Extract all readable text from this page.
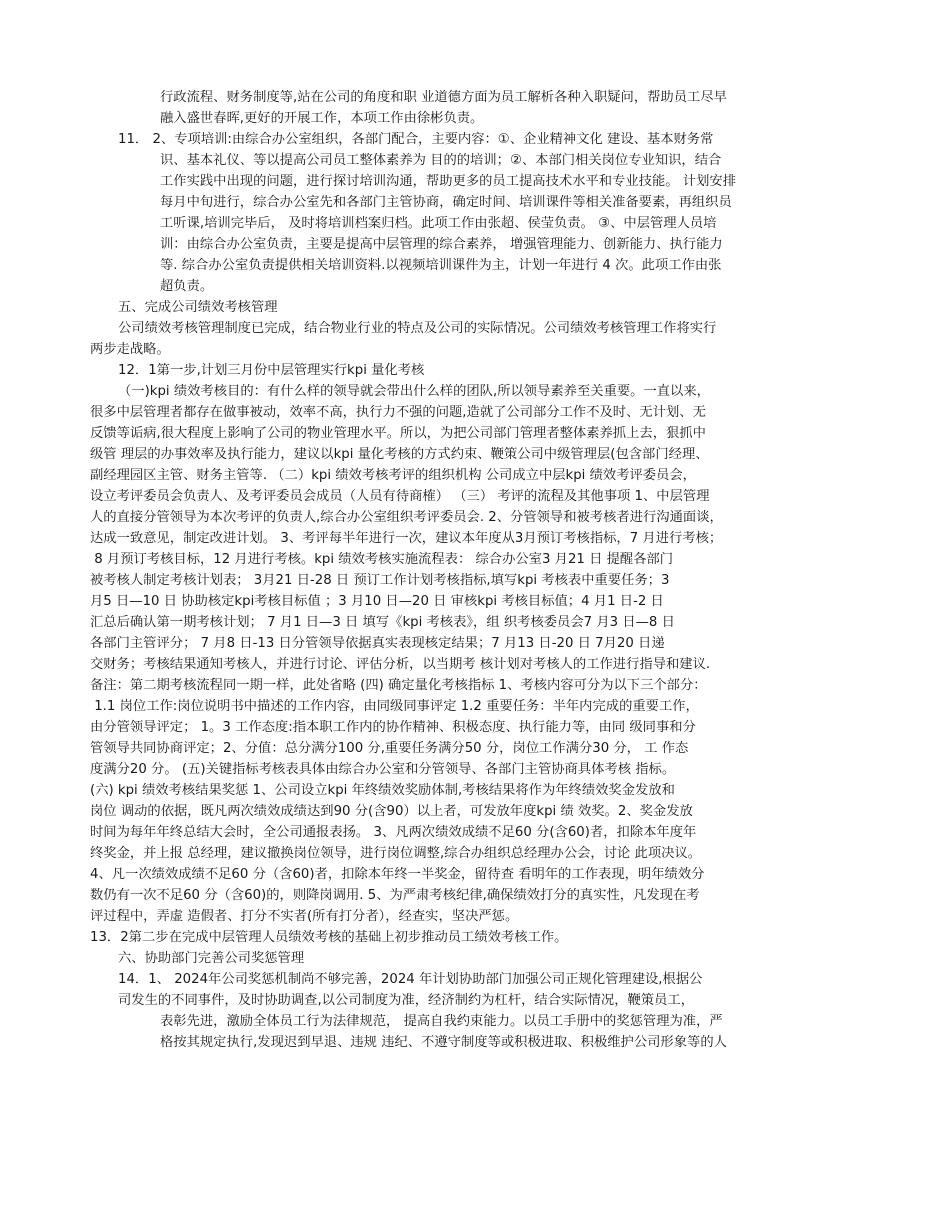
行政流程、财务制度等,站在公司的角度和职 业道德方面为员工解析各种入职疑问，帮助员工尽早

融入盛世春晖,更好的开展工作，本项工作由徐彬负责。

11． 2、专项培训:由综合办公室组织，各部门配合，主要内容：①、企业精神文化 建设、基本财务常

识、基本礼仪、等以提高公司员工整体素养为 目的的培训；②、本部门相关岗位专业知识，结合

工作实践中出现的问题，进行探讨培训沟通，帮助更多的员工提高技术水平和专业技能。 计划安排

每月中旬进行，综合办公室先和各部门主管协商，确定时间、培训课件等相关准备要素，再组织员

工听课,培训完毕后， 及时将培训档案归档。此项工作由张超、侯莹负责。 ③、中层管理人员培

训：由综合办公室负责，主要是提高中层管理的综合素养， 增强管理能力、创新能力、执行能力

等. 综合办公室负责提供相关培训资料.以视频培训课件为主，计划一年进行 4 次。此项工作由张

超负责。

五、完成公司绩效考核管理

公司绩效考核管理制度已完成，结合物业行业的特点及公司的实际情况。公司绩效考核管理工作将实行

两步走战略。

12．1第一步,计划三月份中层管理实行kpi 量化考核

（一)kpi 绩效考核目的：有什么样的领导就会带出什么样的团队,所以领导素养至关重要。一直以来，

很多中层管理者都存在做事被动，效率不高，执行力不强的问题,造就了公司部分工作不及时、无计划、无

反馈等诟病,很大程度上影响了公司的物业管理水平。所以，为把公司部门管理者整体素养抓上去，狠抓中

级管 理层的办事效率及执行能力，建议以kpi 量化考核的方式约束、鞭策公司中级管理层(包含部门经理、

副经理园区主管、财务主管等. （二）kpi 绩效考核考评的组织机构 公司成立中层kpi 绩效考评委员会，

设立考评委员会负责人、及考评委员会成员（人员有待商榷） （三） 考评的流程及其他事项 1、中层管理

人的直接分管领导为本次考评的负责人,综合办公室组织考评委员会. 2、分管领导和被考核者进行沟通面谈，

达成一致意见，制定改进计划。 3、考评每半年进行一次，建议本年度从3月预订考核指标，7 月进行考核；

8 月预订考核目标，12 月进行考核。kpi 绩效考核实施流程表： 综合办公室3 月21 日 提醒各部门

被考核人制定考核计划表； 3月21 日-28 日 预订工作计划考核指标,填写kpi 考核表中重要任务；3

月5 日—10 日 协助核定kpi考核目标值 ；3 月10 日—20 日 审核kpi 考核目标值；4 月1 日-2 日

汇总后确认第一期考核计划； 7 月1 日—3 日 填写《kpi 考核表》，组 织考核委员会7 月3 日—8 日

各部门主管评分； 7 月8 日-13 日分管领导依据真实表现核定结果；7 月13 日-20 日 7月20 日递

交财务；考核结果通知考核人，并进行讨论、评估分析，以当期考 核计划对考核人的工作进行指导和建议.

备注：第二期考核流程同一期一样，此处省略 (四) 确定量化考核指标 1、考核内容可分为以下三个部分：

1.1 岗位工作:岗位说明书中描述的工作内容，由同级同事评定 1.2 重要任务：半年内完成的重要工作，

由分管领导评定； 1。3 工作态度:指本职工作内的协作精神、积极态度、执行能力等，由同 级同事和分

管领导共同协商评定；2、分值：总分满分100 分,重要任务满分50 分，岗位工作满分30 分， 工 作态

度满分20 分。 (五)关键指标考核表具体由综合办公室和分管领导、各部门主管协商具体考核 指标。

(六) kpi 绩效考核结果奖惩 1、公司设立kpi 年终绩效奖励体制,考核结果将作为年终绩效奖金发放和

岗位 调动的依据，既凡两次绩效成绩达到90 分(含90）以上者，可发放年度kpi 绩 效奖。2、奖金发放

时间为每年年终总结大会时，全公司通报表扬。 3、凡两次绩效成绩不足60 分(含60)者，扣除本年度年

终奖金，并上报 总经理，建议撤换岗位领导，进行岗位调整,综合办组织总经理办公会，讨论 此项决议。

4、凡一次绩效成绩不足60 分（含60)者，扣除本年终一半奖金，留待查 看明年的工作表现，明年绩效分

数仍有一次不足60 分（含60)的，则降岗调用. 5、为严肃考核纪律,确保绩效打分的真实性，凡发现在考

评过程中，弄虚 造假者、打分不实者(所有打分者），经查实，坚决严惩。

13．2第二步在完成中层管理人员绩效考核的基础上初步推动员工绩效考核工作。

六、协助部门完善公司奖惩管理

14．1、 2024年公司奖惩机制尚不够完善，2024 年计划协助部门加强公司正规化管理建设,根据公

司发生的不同事件，及时协助调查,以公司制度为准，经济制约为杠杆，结合实际情况，鞭策员工，

表彰先进，激励全体员工行为法律规范， 提高自我约束能力。以员工手册中的奖惩管理为准，严

格按其规定执行,发现迟到早退、违规 违纪、不遵守制度等或积极进取、积极维护公司形象等的人
